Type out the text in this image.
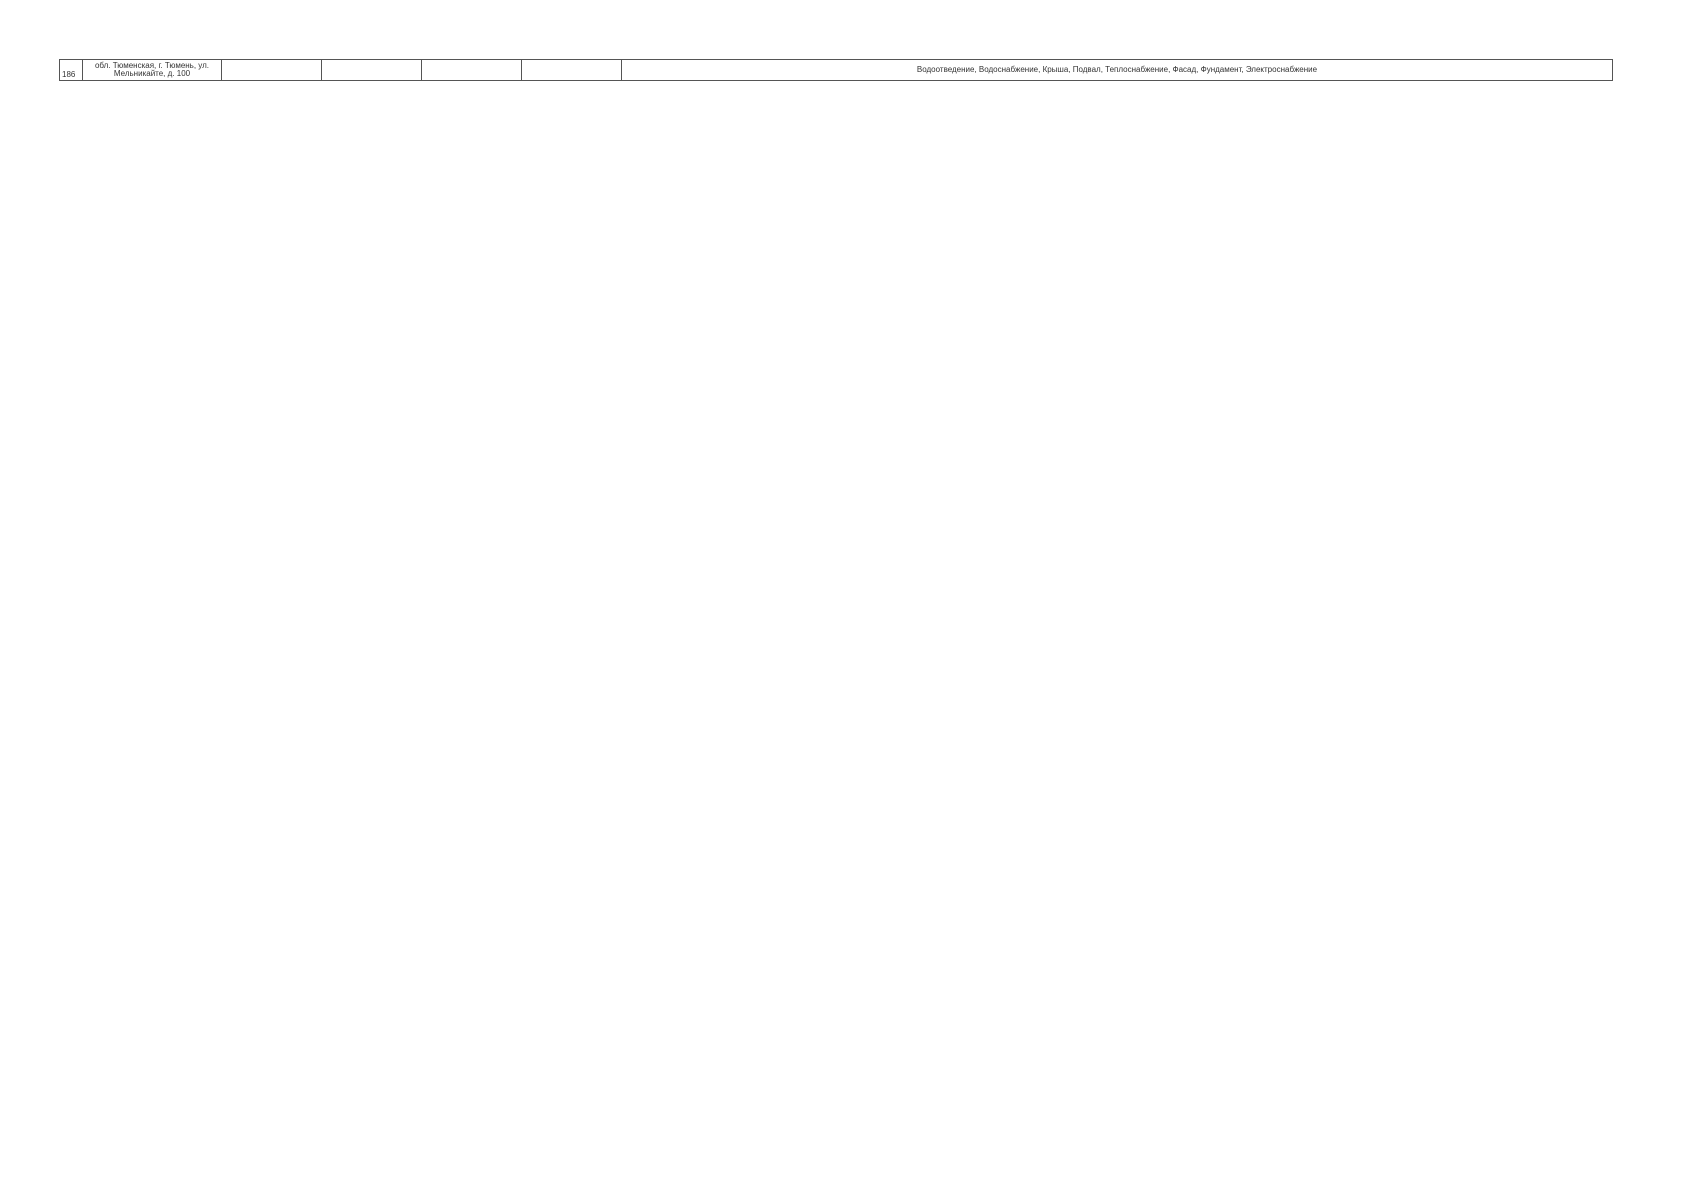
186	обл. Тюменская, г. Тюмень, ул. Мельникайте, д. 100					Водоотведение, Водоснабжение, Крыша, Подвал, Теплоснабжение, Фасад, Фундамент, Электроснабжение
